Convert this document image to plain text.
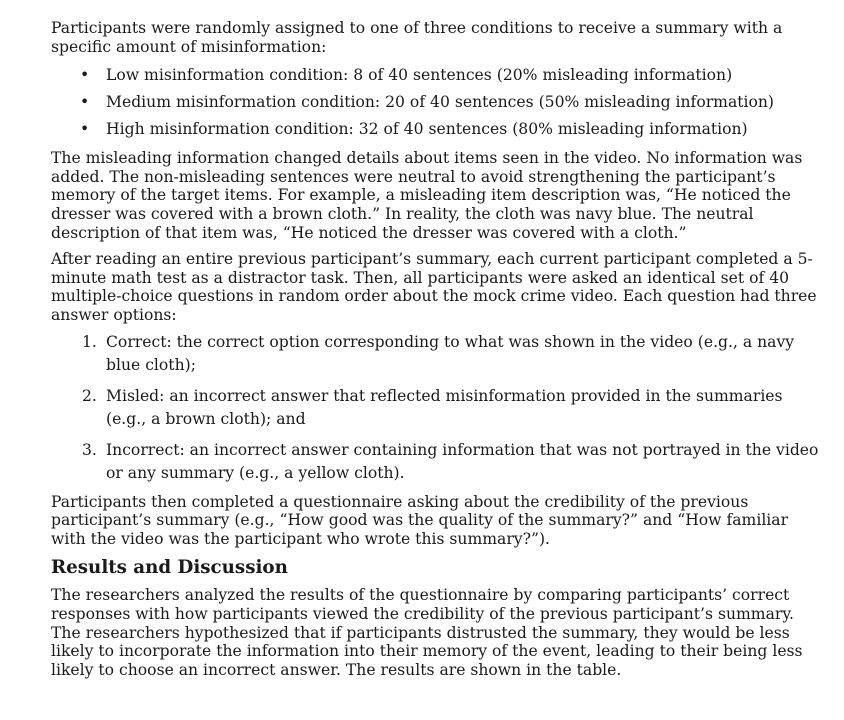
Participants were randomly assigned to one of three conditions to receive a summary with a specific amount of misinformation:

• Low misinformation condition: 8 of 40 sentences (20% misleading information)
• Medium misinformation condition: 20 of 40 sentences (50% misleading information)
• High misinformation condition: 32 of 40 sentences (80% misleading information)

The misleading information changed details about items seen in the video. No information was added. The non-misleading sentences were neutral to avoid strengthening the participant’s memory of the target items. For example, a misleading item description was, “He noticed the dresser was covered with a brown cloth.” In reality, the cloth was navy blue. The neutral description of that item was, “He noticed the dresser was covered with a cloth.”

After reading an entire previous participant’s summary, each current participant completed a 5-minute math test as a distractor task. Then, all participants were asked an identical set of 40 multiple-choice questions in random order about the mock crime video. Each question had three answer options:

1. Correct: the correct option corresponding to what was shown in the video (e.g., a navy blue cloth);
2. Misled: an incorrect answer that reflected misinformation provided in the summaries (e.g., a brown cloth); and
3. Incorrect: an incorrect answer containing information that was not portrayed in the video or any summary (e.g., a yellow cloth).

Participants then completed a questionnaire asking about the credibility of the previous participant’s summary (e.g., “How good was the quality of the summary?” and “How familiar with the video was the participant who wrote this summary?”).

Results and Discussion

The researchers analyzed the results of the questionnaire by comparing participants’ correct responses with how participants viewed the credibility of the previous participant’s summary. The researchers hypothesized that if participants distrusted the summary, they would be less likely to incorporate the information into their memory of the event, leading to their being less likely to choose an incorrect answer. The results are shown in the table.
